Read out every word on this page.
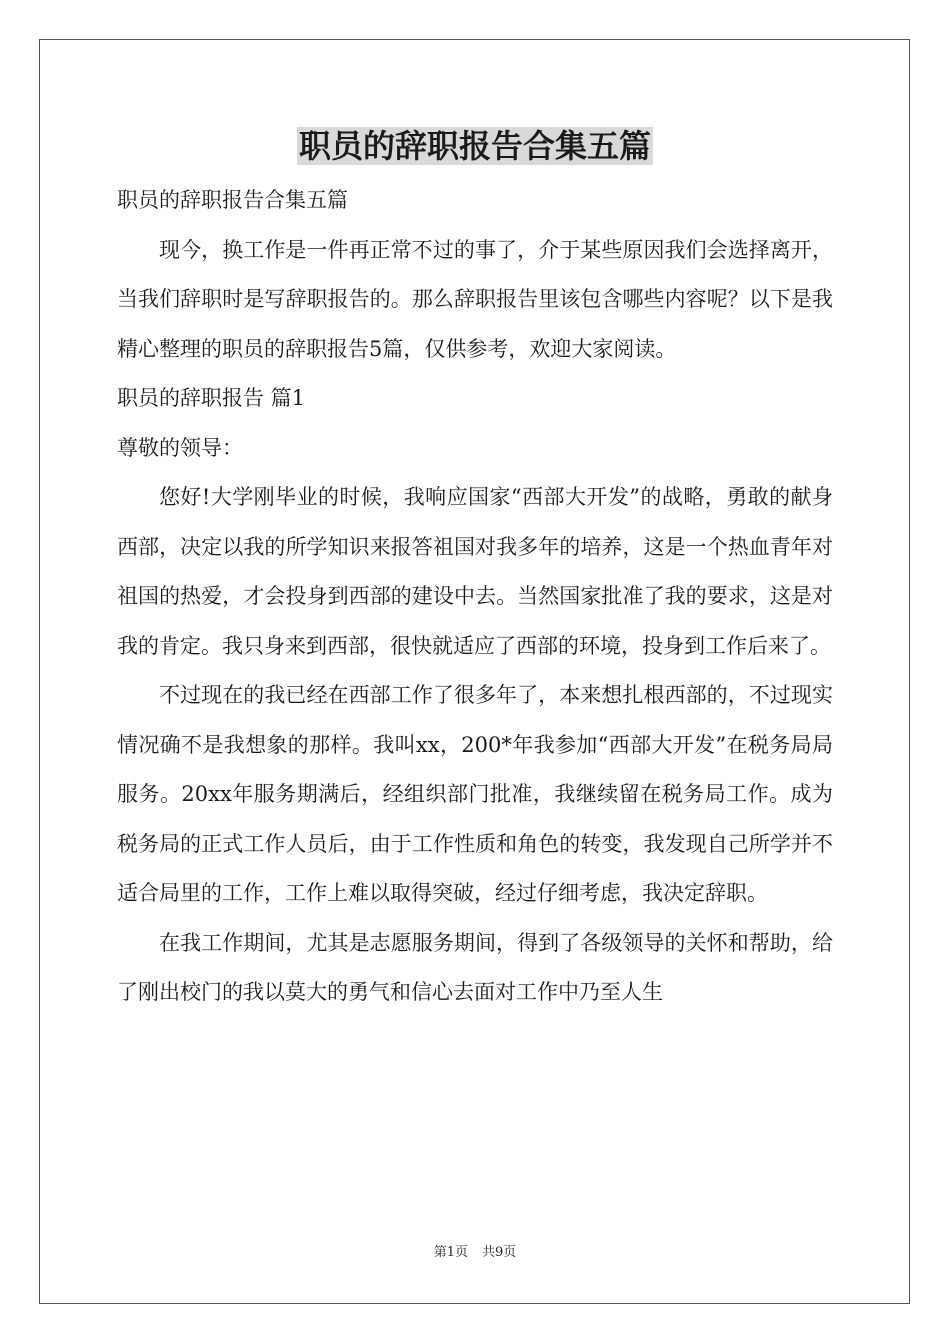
职员的辞职报告合集五篇

职员的辞职报告合集五篇

现今，换工作是一件再正常不过的事了，介于某些原因我们会选择离开，当我们辞职时是写辞职报告的。那么辞职报告里该包含哪些内容呢？以下是我精心整理的职员的辞职报告5篇，仅供参考，欢迎大家阅读。

职员的辞职报告 篇1

尊敬的领导：

您好!大学刚毕业的时候，我响应国家“西部大开发”的战略，勇敢的献身西部，决定以我的所学知识来报答祖国对我多年的培养，这是一个热血青年对祖国的热爱，才会投身到西部的建设中去。当然国家批准了我的要求，这是对我的肯定。我只身来到西部，很快就适应了西部的环境，投身到工作后来了。

不过现在的我已经在西部工作了很多年了，本来想扎根西部的，不过现实情况确不是我想象的那样。我叫xx，200*年我参加“西部大开发”在税务局局服务。20xx年服务期满后，经组织部门批准，我继续留在税务局工作。成为税务局的正式工作人员后，由于工作性质和角色的转变，我发现自己所学并不适合局里的工作，工作上难以取得突破，经过仔细考虑，我决定辞职。

在我工作期间，尤其是志愿服务期间，得到了各级领导的关怀和帮助，给了刚出校门的我以莫大的勇气和信心去面对工作中乃至人生

第1页 共9页
